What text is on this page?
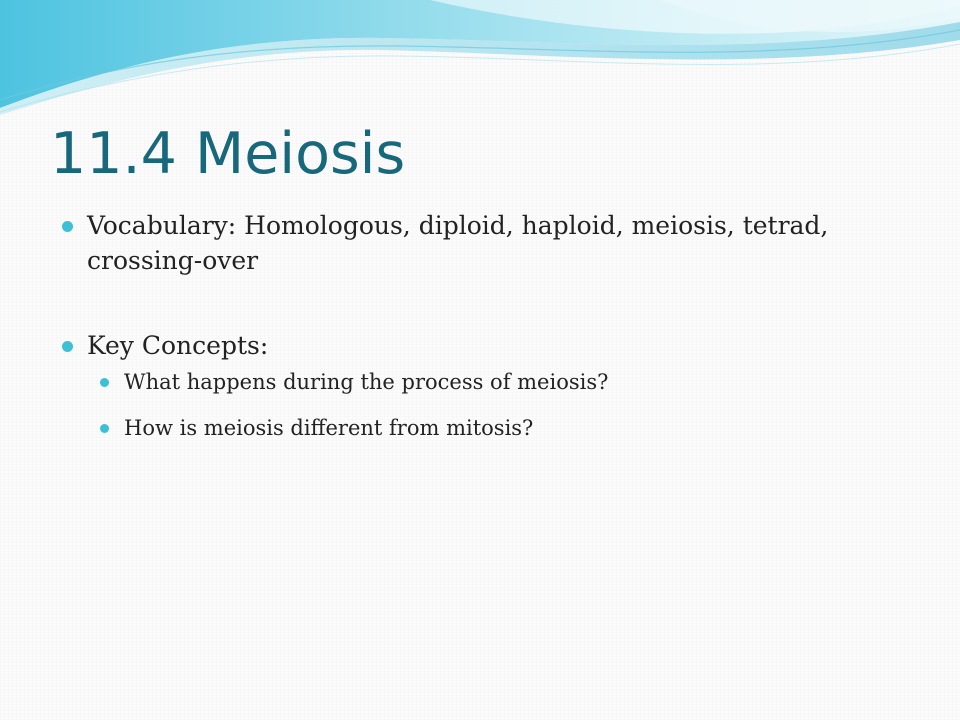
11.4 Meiosis
Vocabulary: Homologous, diploid, haploid, meiosis, tetrad, crossing-over
Key Concepts:
What happens during the process of meiosis?
How is meiosis different from mitosis?
